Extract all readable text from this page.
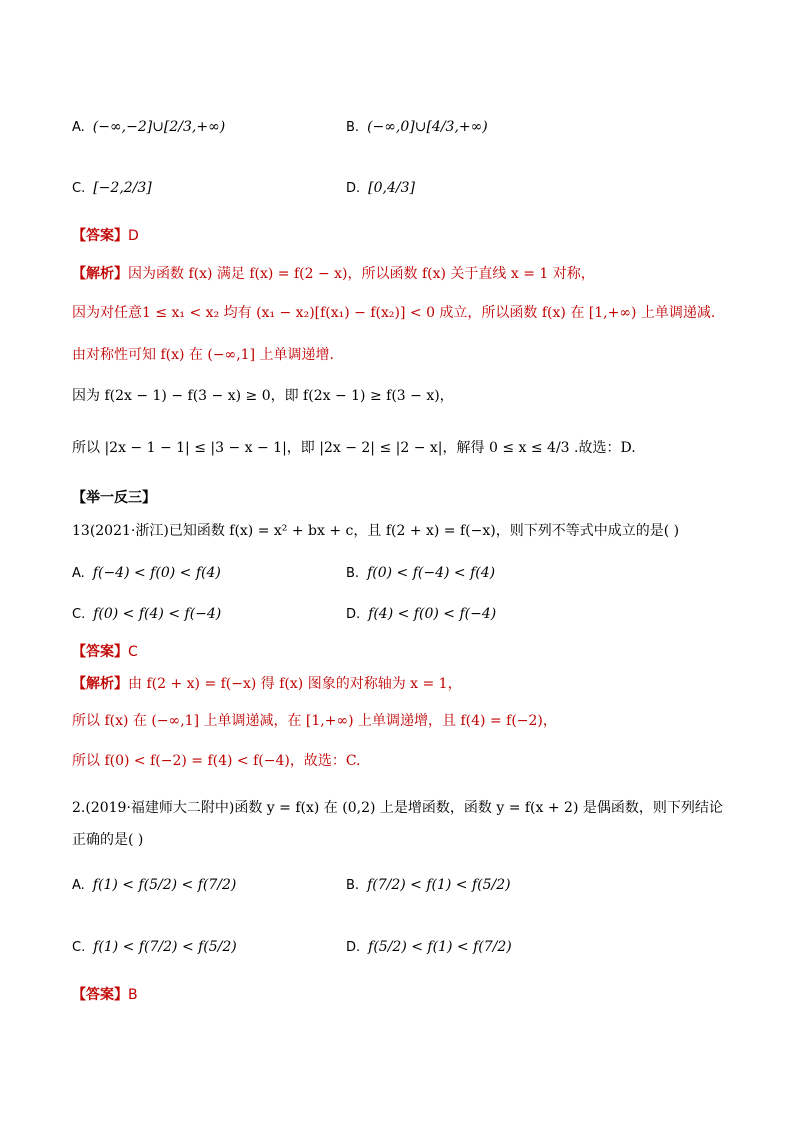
A. (−∞,−2]∪[2/3,+∞)	B. (−∞,0]∪[4/3,+∞)
C. [−2,2/3]	D. [0,4/3]
【答案】D
【解析】因为函数 f(x) 满足 f(x) = f(2 − x)，所以函数 f(x) 关于直线 x = 1 对称，
因为对任意1 ≤ x₁ < x₂ 均有 (x₁ − x₂)[f(x₁) − f(x₂)] < 0 成立，所以函数 f(x) 在 [1,+∞) 上单调递减.
由对称性可知 f(x) 在 (−∞,1] 上单调递增.
因为 f(2x − 1) − f(3 − x) ≥ 0，即 f(2x − 1) ≥ f(3 − x)，
所以 |2x − 1 − 1| ≤ |3 − x − 1|，即 |2x − 2| ≤ |2 − x|，解得 0 ≤ x ≤ 4/3 .故选：D.
【举一反三】
13(2021·浙江)已知函数 f(x) = x² + bx + c，且 f(2 + x) = f(−x)，则下列不等式中成立的是( )
A. f(−4) < f(0) < f(4)	B. f(0) < f(−4) < f(4)
C. f(0) < f(4) < f(−4)	D. f(4) < f(0) < f(−4)
【答案】C
【解析】由 f(2 + x) = f(−x) 得 f(x) 图象的对称轴为 x = 1，
所以 f(x) 在 (−∞,1] 上单调递减，在 [1,+∞) 上单调递增，且 f(4) = f(−2)，
所以 f(0) < f(−2) = f(4) < f(−4)，故选：C.
2.(2019·福建师大二附中)函数 y = f(x) 在 (0,2) 上是增函数，函数 y = f(x + 2) 是偶函数，则下列结论
正确的是( )
A. f(1) < f(5/2) < f(7/2)	B. f(7/2) < f(1) < f(5/2)
C. f(1) < f(7/2) < f(5/2)	D. f(5/2) < f(1) < f(7/2)
【答案】B
